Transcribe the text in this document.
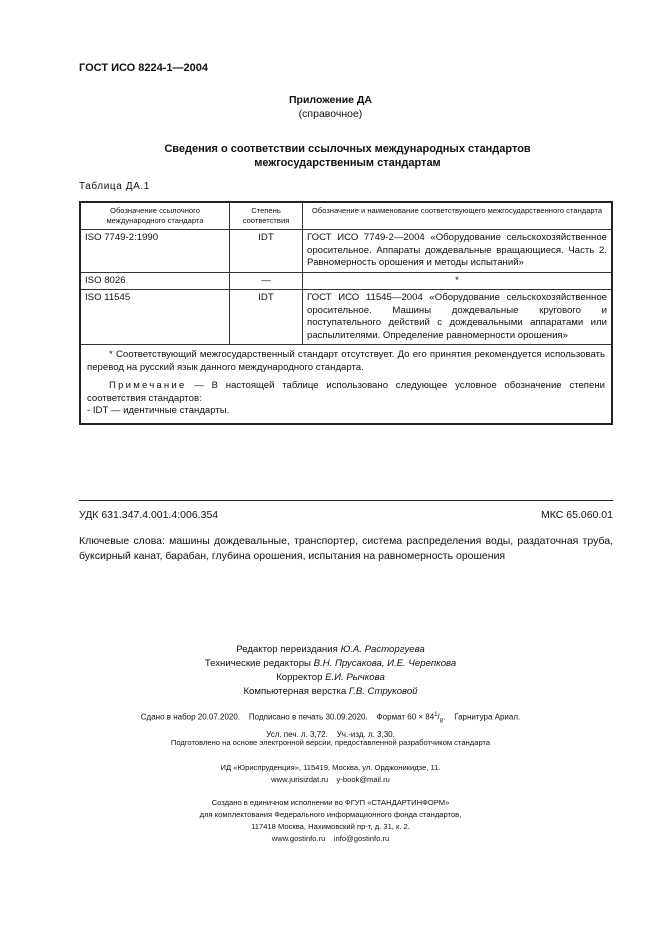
ГОСТ ИСО 8224-1—2004
Приложение ДА
(справочное)
Сведения о соответствии ссылочных международных стандартов
межгосударственным стандартам
Таблица ДА.1
Обозначение ссылочного международного стандарта	Степень соответствия	Обозначение и наименование соответствующего межгосударственного стандарта
ISO 7749-2:1990	IDT	ГОСТ ИСО 7749-2—2004 «Оборудование сельскохозяйственное оросительное. Аппараты дождевальные вращающиеся. Часть 2. Равномерность орошения и методы испытаний»
ISO 8026	—	*
ISO 11545	IDT	ГОСТ ИСО 11545—2004 «Оборудование сельскохозяйственное оросительное. Машины дождевальные кругового и поступательного действий с дождевальными аппаратами или распылителями. Определение равномерности орошения»

* Соответствующий межгосударственный стандарт отсутствует. До его принятия рекомендуется использовать перевод на русский язык данного международного стандарта.

Примечание — В настоящей таблице использовано следующее условное обозначение степени соответствия стандартов:

- IDT — идентичные стандарты.		

УДК 631.347.4.001.4:006.354	МКС 65.060.01
Ключевые слова: машины дождевальные, транспортер, система распределения воды, раздаточная труба, буксирный канат, барабан, глубина орошения, испытания на равномерность орошения
Редактор переиздания Ю.А. Расторгуева
Технические редакторы В.Н. Прусакова, И.Е. Черепкова
Корректор Е.И. Рычкова
Компьютерная верстка Г.В. Струковой
Сдано в набор 20.07.2020.    Подписано в печать 30.09.2020.    Формат $60 \times 84^1/_8$.    Гарнитура Ариал.
Усл. печ. л. 3,72.    Уч.-изд. л. 3,30.
Подготовлено на основе электронной версии, предоставленной разработчиком стандарта
ИД «Юриспруденция», 115419, Москва, ул. Орджоникидзе, 11.
www.jurisizdat.ru    y-book@mail.ru
Создано в единичном исполнении во ФГУП «СТАНДАРТИНФОРМ»
для комплектования Федерального информационного фонда стандартов,
117418 Москва, Нахимовский пр-т, д. 31, к. 2.
www.gostinfo.ru    info@gostinfo.ru
